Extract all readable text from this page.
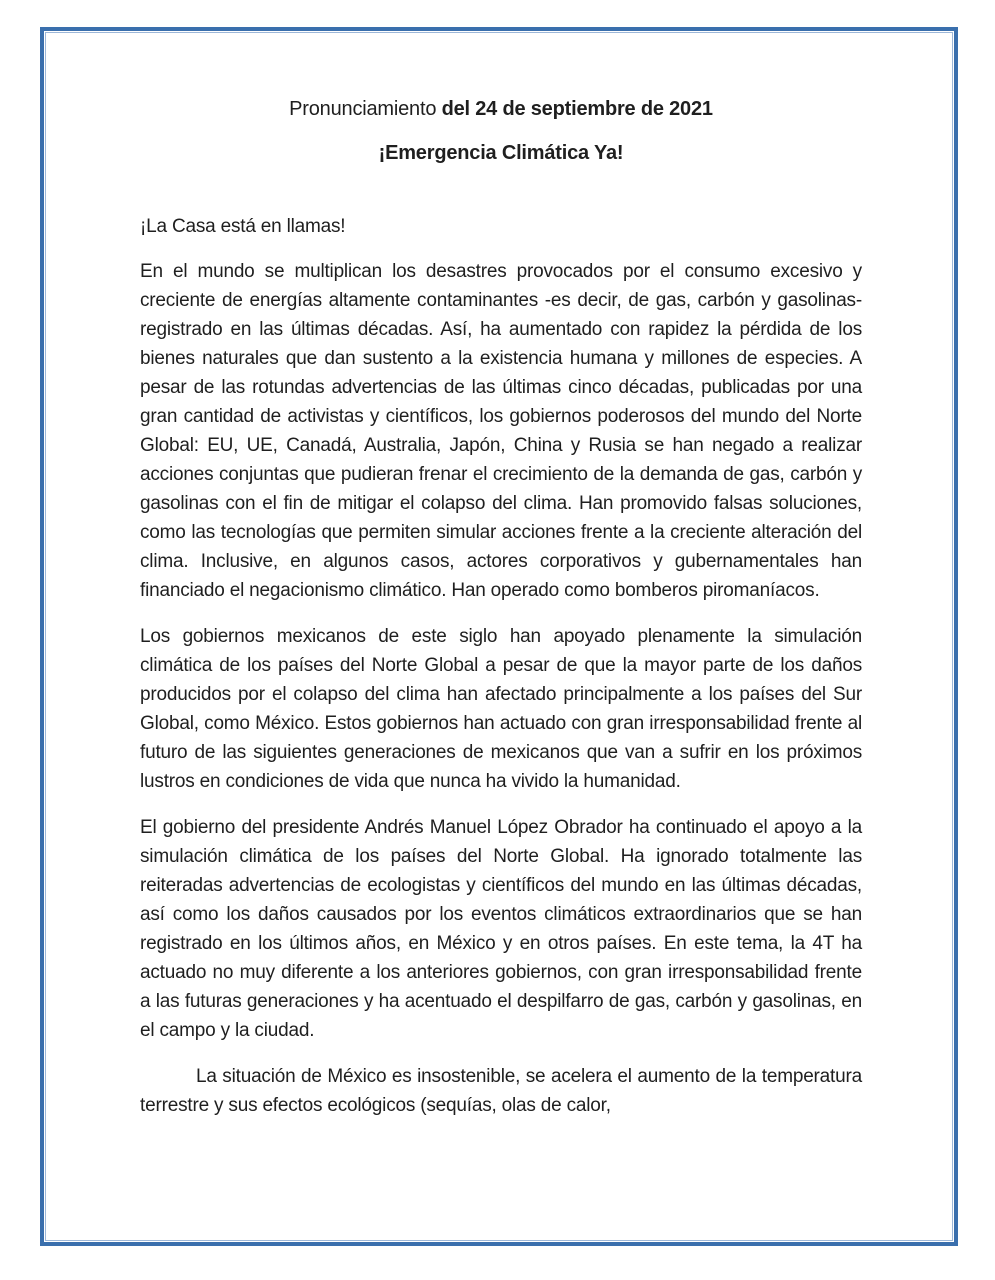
Pronunciamiento del 24 de septiembre de 2021

¡Emergencia Climática Ya!

¡La Casa está en llamas!

En el mundo se multiplican los desastres provocados por el consumo excesivo y creciente de energías altamente contaminantes -es decir, de gas, carbón y gasolinas- registrado en las últimas décadas. Así, ha aumentado con rapidez la pérdida de los bienes naturales que dan sustento a la existencia humana y millones de especies. A pesar de las rotundas advertencias de las últimas cinco décadas, publicadas por una gran cantidad de activistas y científicos, los gobiernos poderosos del mundo del Norte Global: EU, UE, Canadá, Australia, Japón, China y Rusia se han negado a realizar acciones conjuntas que pudieran frenar el crecimiento de la demanda de gas, carbón y gasolinas con el fin de mitigar el colapso del clima. Han promovido falsas soluciones, como las tecnologías que permiten simular acciones frente a la creciente alteración del clima. Inclusive, en algunos casos, actores corporativos y gubernamentales han financiado el negacionismo climático. Han operado como bomberos piromaníacos.

Los gobiernos mexicanos de este siglo han apoyado plenamente la simulación climática de los países del Norte Global a pesar de que la mayor parte de los daños producidos por el colapso del clima han afectado principalmente a los países del Sur Global, como México. Estos gobiernos han actuado con gran irresponsabilidad frente al futuro de las siguientes generaciones de mexicanos que van a sufrir en los próximos lustros en condiciones de vida que nunca ha vivido la humanidad.

El gobierno del presidente Andrés Manuel López Obrador ha continuado el apoyo a la simulación climática de los países del Norte Global. Ha ignorado totalmente las reiteradas advertencias de ecologistas y científicos del mundo en las últimas décadas, así como los daños causados por los eventos climáticos extraordinarios que se han registrado en los últimos años, en México y en otros países. En este tema, la 4T ha actuado no muy diferente a los anteriores gobiernos, con gran irresponsabilidad frente a las futuras generaciones y ha acentuado el despilfarro de gas, carbón y gasolinas, en el campo y la ciudad.

La situación de México es insostenible, se acelera el aumento de la temperatura terrestre y sus efectos ecológicos (sequías, olas de calor,
